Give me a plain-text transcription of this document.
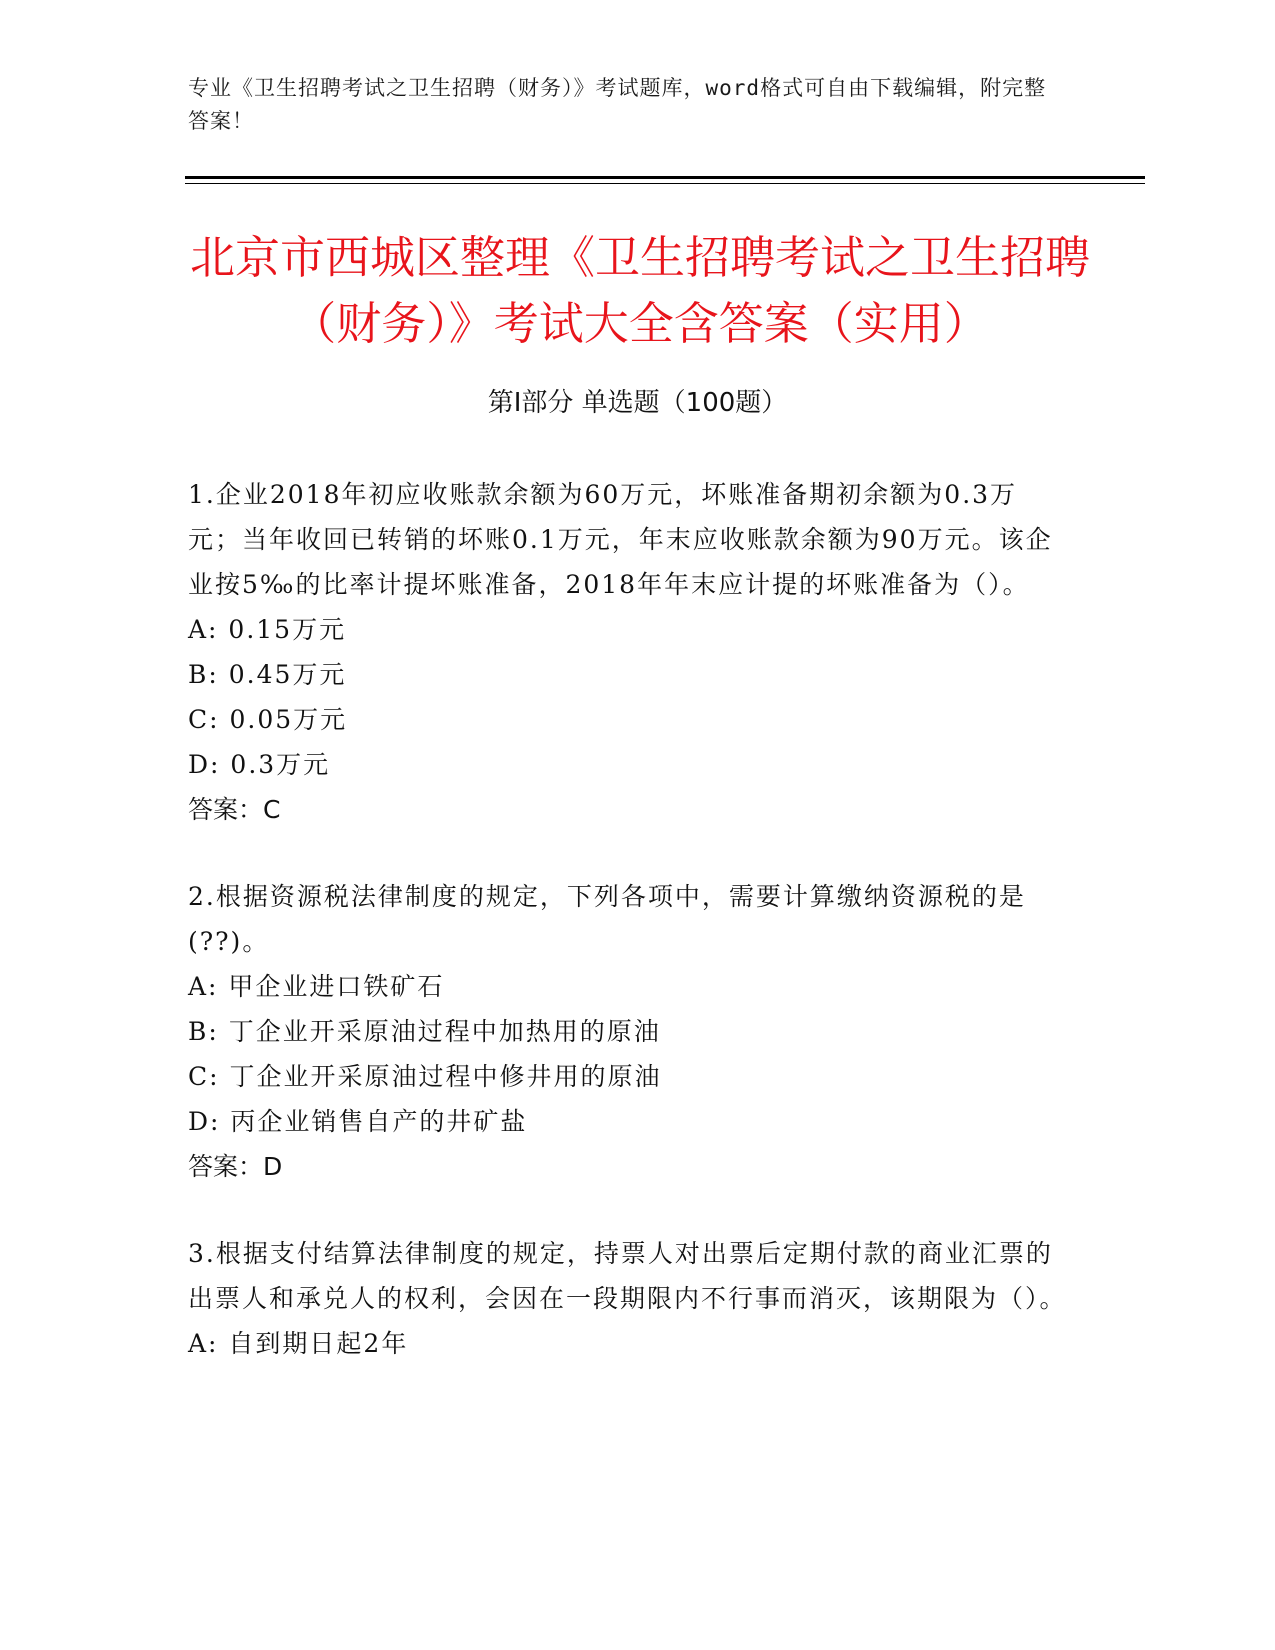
专业《卫生招聘考试之卫生招聘（财务）》考试题库，word格式可自由下载编辑，附完整答案！
北京市西城区整理《卫生招聘考试之卫生招聘（财务）》考试大全含答案（实用）
第Ⅰ部分 单选题（100题）

1.企业2018年初应收账款余额为60万元，坏账准备期初余额为0.3万元；当年收回已转销的坏账0.1万元，年末应收账款余额为90万元。该企业按5‰的比率计提坏账准备，2018年年末应计提的坏账准备为（）。

A: 0.15万元

B: 0.45万元

C: 0.05万元

D: 0.3万元

答案：C

2.根据资源税法律制度的规定，下列各项中，需要计算缴纳资源税的是(??)。

A: 甲企业进口铁矿石

B: 丁企业开采原油过程中加热用的原油

C: 丁企业开采原油过程中修井用的原油

D: 丙企业销售自产的井矿盐

答案：D

3.根据支付结算法律制度的规定，持票人对出票后定期付款的商业汇票的出票人和承兑人的权利，会因在一段期限内不行事而消灭，该期限为（）。

A: 自到期日起2年
